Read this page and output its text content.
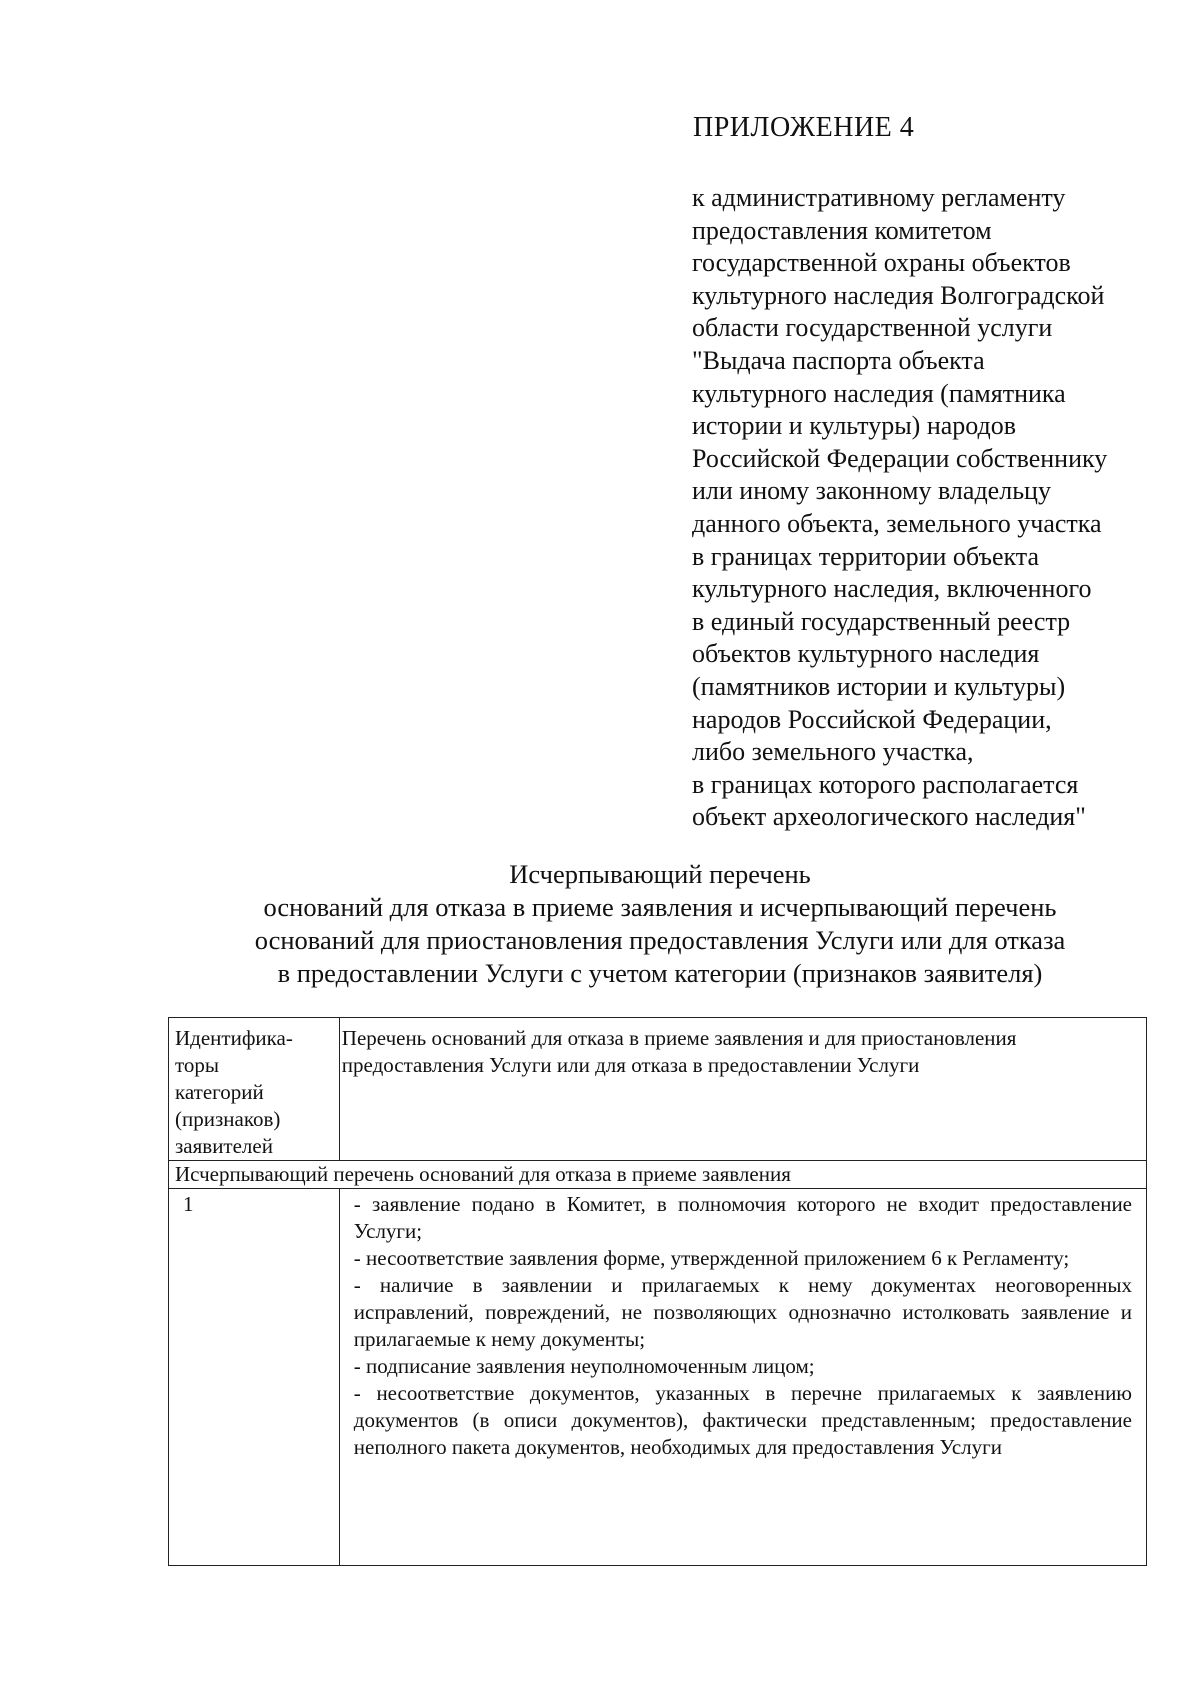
ПРИЛОЖЕНИЕ 4
к административному регламенту
предоставления комитетом
государственной охраны объектов
культурного наследия Волгоградской
области государственной услуги
"Выдача паспорта объекта
культурного наследия (памятника
истории и культуры) народов
Российской Федерации собственнику
или иному законному владельцу
данного объекта, земельного участка
в границах территории объекта
культурного наследия, включенного
в единый государственный реестр
объектов культурного наследия
(памятников истории и культуры)
народов Российской Федерации,
либо земельного участка,
в границах которого располагается
объект археологического наследия"
Исчерпывающий перечень
оснований для отказа в приеме заявления и исчерпывающий перечень
оснований для приостановления предоставления Услуги или для отказа
в предоставлении Услуги с учетом категории (признаков заявителя)
Идентифика-
торы
категорий
(признаков)
заявителей	Перечень оснований для отказа в приеме заявления и для приостановления предоставления Услуги или для отказа в предоставлении Услуги

Исчерпывающий перечень оснований для отказа в приеме заявления	

1	- заявление подано в Комитет, в полномочия которого не входит предоставление Услуги;

- несоответствие заявления форме, утвержденной приложением 6 к Регламенту;

- наличие в заявлении и прилагаемых к нему документах неоговоренных исправлений, повреждений, не позволяющих однозначно истолковать заявление и прилагаемые к нему документы;

- подписание заявления неуполномоченным лицом;

- несоответствие документов, указанных в перечне прилагаемых к заявлению документов (в описи документов), фактически представленным; предоставление неполного пакета документов, необходимых для предоставления Услуги
